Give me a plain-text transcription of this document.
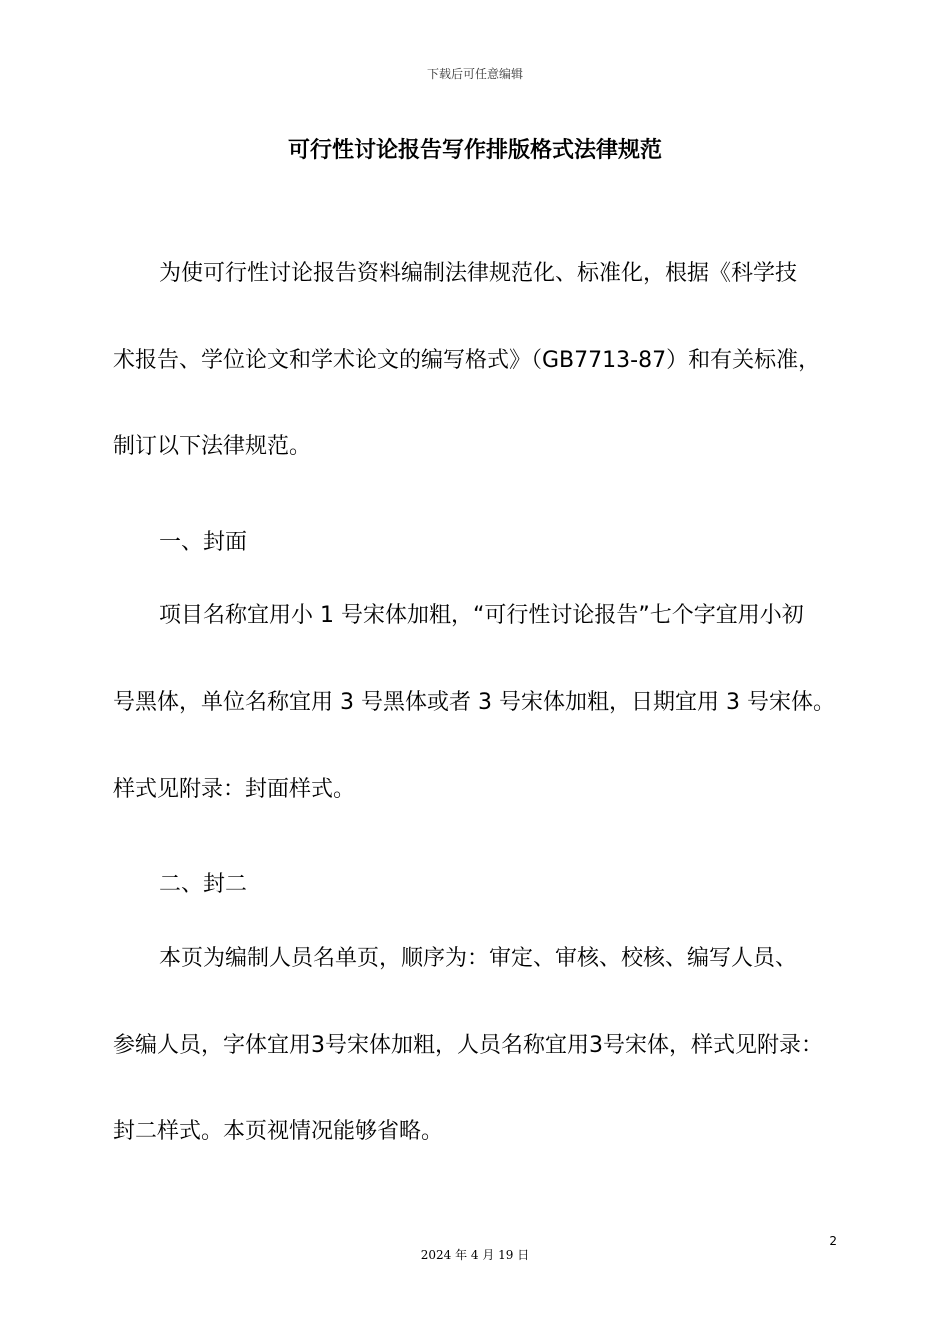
下载后可任意编辑
可行性讨论报告写作排版格式法律规范
为使可行性讨论报告资料编制法律规范化、标准化，根据《科学技
术报告、学位论文和学术论文的编写格式》（GB7713-87）和有关标准，
制订以下法律规范。
一、封面
项目名称宜用小 1 号宋体加粗，“可行性讨论报告”七个字宜用小初
号黑体，单位名称宜用 3 号黑体或者 3 号宋体加粗，日期宜用 3 号宋体。
样式见附录：封面样式。
二、封二
本页为编制人员名单页，顺序为：审定、审核、校核、编写人员、
参编人员，字体宜用3号宋体加粗，人员名称宜用3号宋体，样式见附录：
封二样式。本页视情况能够省略。
2
2024 年 4 月 19 日
